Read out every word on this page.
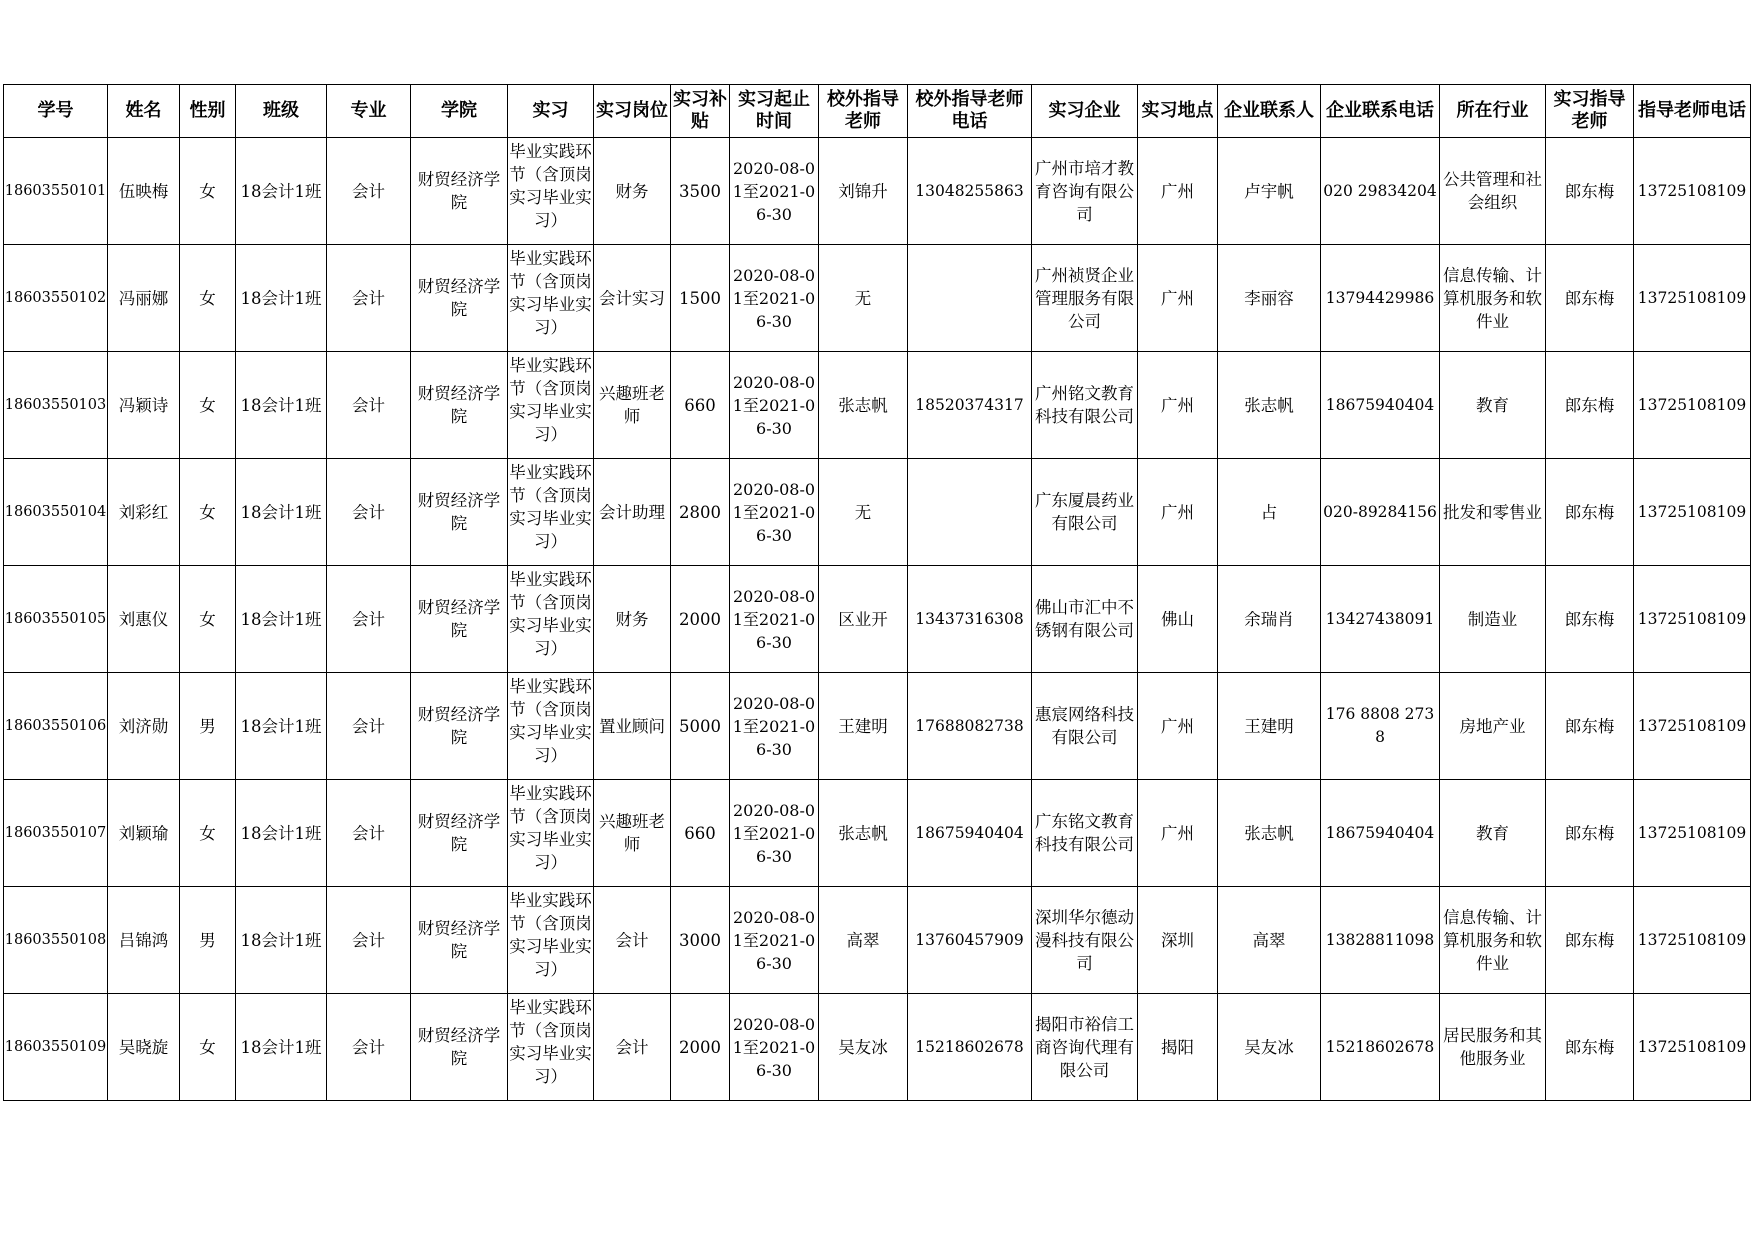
学号	姓名	性别	班级	专业	学院	实习	实习岗位	实习补贴	实习起止时间	校外指导老师	校外指导老师电话	实习企业	实习地点	企业联系人	企业联系电话	所在行业	实习指导老师	指导老师电话
18603550101	伍映梅	女	18会计1班	会计	财贸经济学院	毕业实践环节（含顶岗实习毕业实习）	财务	3500	2020-08-01至2021-06-30	刘锦升	13048255863	广州市培才教育咨询有限公司	广州	卢宇帆	020 29834204	公共管理和社会组织	郎东梅	13725108109
18603550102	冯丽娜	女	18会计1班	会计	财贸经济学院	毕业实践环节（含顶岗实习毕业实习）	会计实习	1500	2020-08-01至2021-06-30	无		广州祯贤企业管理服务有限公司	广州	李丽容	13794429986	信息传输、计算机服务和软件业	郎东梅	13725108109
18603550103	冯颖诗	女	18会计1班	会计	财贸经济学院	毕业实践环节（含顶岗实习毕业实习）	兴趣班老师	660	2020-08-01至2021-06-30	张志帆	18520374317	广州铭文教育科技有限公司	广州	张志帆	18675940404	教育	郎东梅	13725108109
18603550104	刘彩红	女	18会计1班	会计	财贸经济学院	毕业实践环节（含顶岗实习毕业实习）	会计助理	2800	2020-08-01至2021-06-30	无		广东厦晨药业有限公司	广州	占	020-89284156	批发和零售业	郎东梅	13725108109
18603550105	刘惠仪	女	18会计1班	会计	财贸经济学院	毕业实践环节（含顶岗实习毕业实习）	财务	2000	2020-08-01至2021-06-30	区业开	13437316308	佛山市汇中不锈钢有限公司	佛山	余瑞肖	13427438091	制造业	郎东梅	13725108109
18603550106	刘济勋	男	18会计1班	会计	财贸经济学院	毕业实践环节（含顶岗实习毕业实习）	置业顾问	5000	2020-08-01至2021-06-30	王建明	17688082738	惠宸网络科技有限公司	广州	王建明	176 8808 2738	房地产业	郎东梅	13725108109
18603550107	刘颖瑜	女	18会计1班	会计	财贸经济学院	毕业实践环节（含顶岗实习毕业实习）	兴趣班老师	660	2020-08-01至2021-06-30	张志帆	18675940404	广东铭文教育科技有限公司	广州	张志帆	18675940404	教育	郎东梅	13725108109
18603550108	吕锦鸿	男	18会计1班	会计	财贸经济学院	毕业实践环节（含顶岗实习毕业实习）	会计	3000	2020-08-01至2021-06-30	高翠	13760457909	深圳华尔德动漫科技有限公司	深圳	高翠	13828811098	信息传输、计算机服务和软件业	郎东梅	13725108109
18603550109	吴晓旋	女	18会计1班	会计	财贸经济学院	毕业实践环节（含顶岗实习毕业实习）	会计	2000	2020-08-01至2021-06-30	吴友冰	15218602678	揭阳市裕信工商咨询代理有限公司	揭阳	吴友冰	15218602678	居民服务和其他服务业	郎东梅	13725108109
